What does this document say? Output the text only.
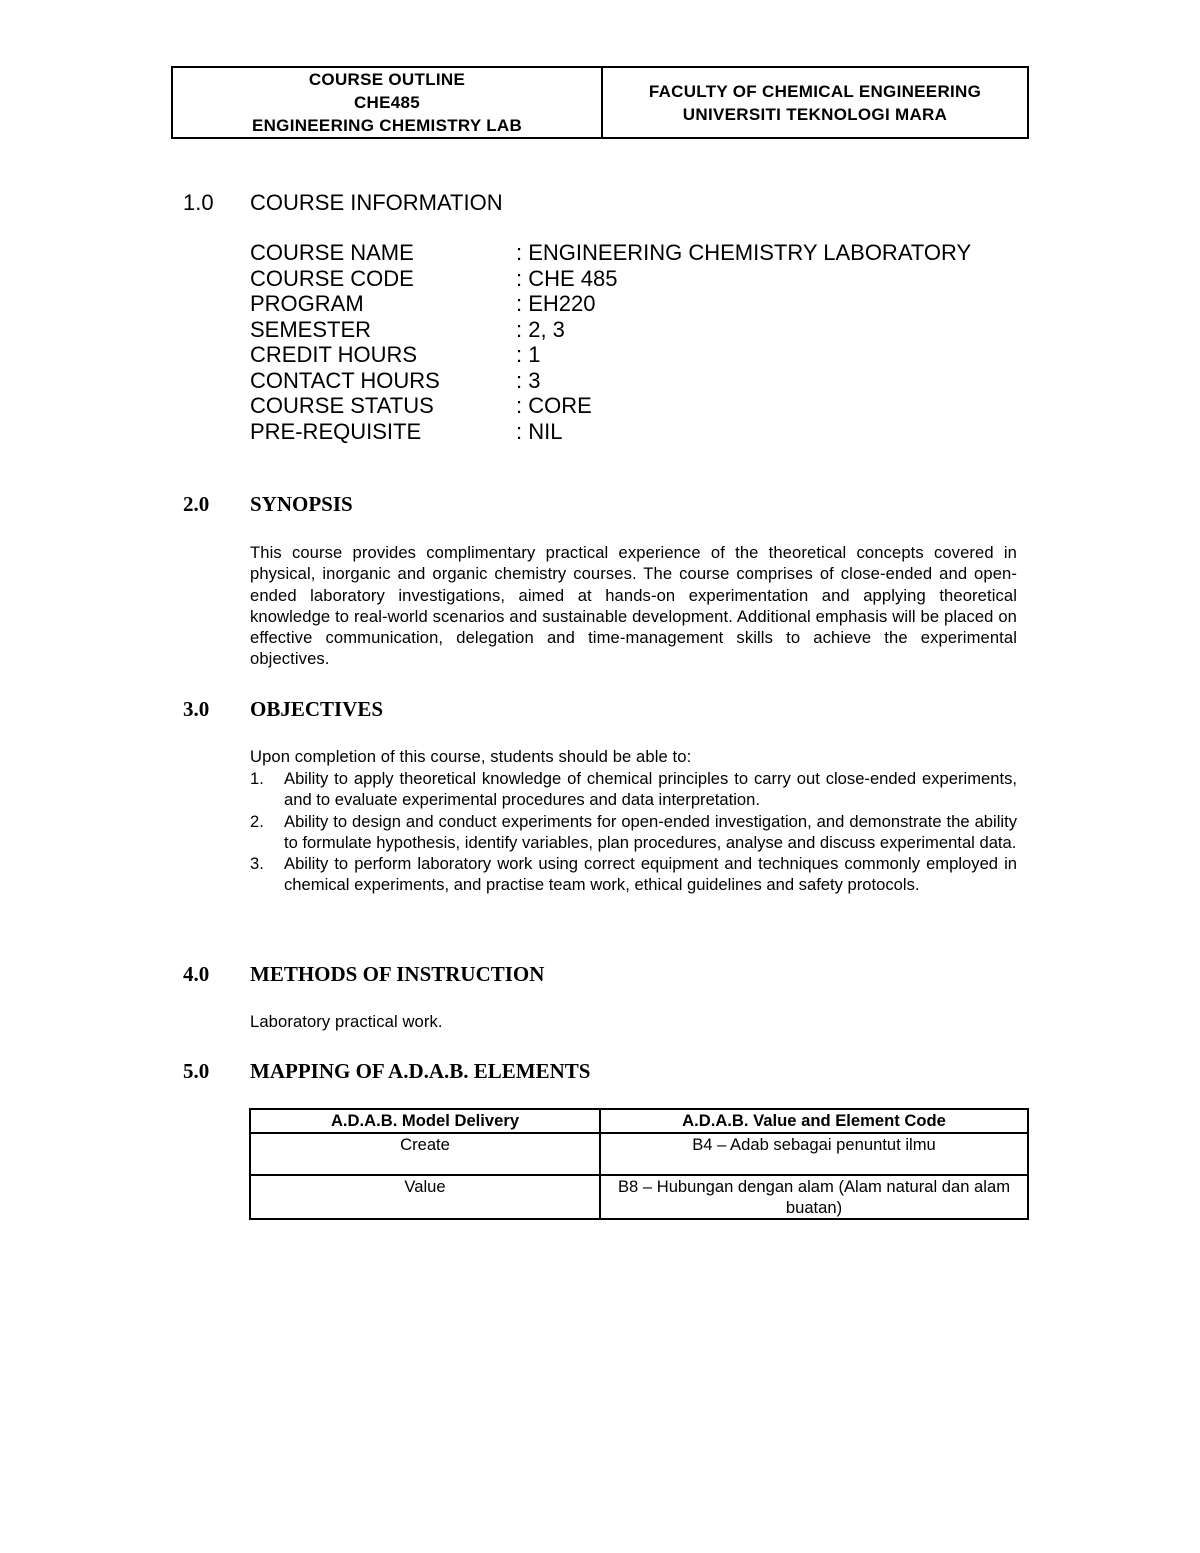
COURSE OUTLINE
CHE485
ENGINEERING CHEMISTRY LAB
FACULTY OF CHEMICAL ENGINEERING
UNIVERSITI TEKNOLOGI MARA
1.0 COURSE INFORMATION
COURSE NAME	: ENGINEERING CHEMISTRY LABORATORY
COURSE CODE	: CHE 485
PROGRAM	: EH220
SEMESTER	: 2, 3
CREDIT HOURS	: 1
CONTACT HOURS	: 3
COURSE STATUS	: CORE
PRE-REQUISITE	: NIL
2.0 SYNOPSIS
This course provides complimentary practical experience of the theoretical concepts covered in physical, inorganic and organic chemistry courses. The course comprises of close-ended and open-ended laboratory investigations, aimed at hands-on experimentation and applying theoretical knowledge to real-world scenarios and sustainable development. Additional emphasis will be placed on effective communication, delegation and time-management skills to achieve the experimental objectives.
3.0 OBJECTIVES
Upon completion of this course, students should be able to:
1.	Ability to apply theoretical knowledge of chemical principles to carry out close-ended experiments, and to evaluate experimental procedures and data interpretation.
2.	Ability to design and conduct experiments for open-ended investigation, and demonstrate the ability to formulate hypothesis, identify variables, plan procedures, analyse and discuss experimental data.
3.	Ability to perform laboratory work using correct equipment and techniques commonly employed in chemical experiments, and practise team work, ethical guidelines and safety protocols.
4.0 METHODS OF INSTRUCTION
Laboratory practical work.
5.0 MAPPING OF A.D.A.B. ELEMENTS
A.D.A.B. Model Delivery	A.D.A.B. Value and Element Code
Create	B4 – Adab sebagai penuntut ilmu
Value	B8 – Hubungan dengan alam (Alam natural dan alam buatan)
